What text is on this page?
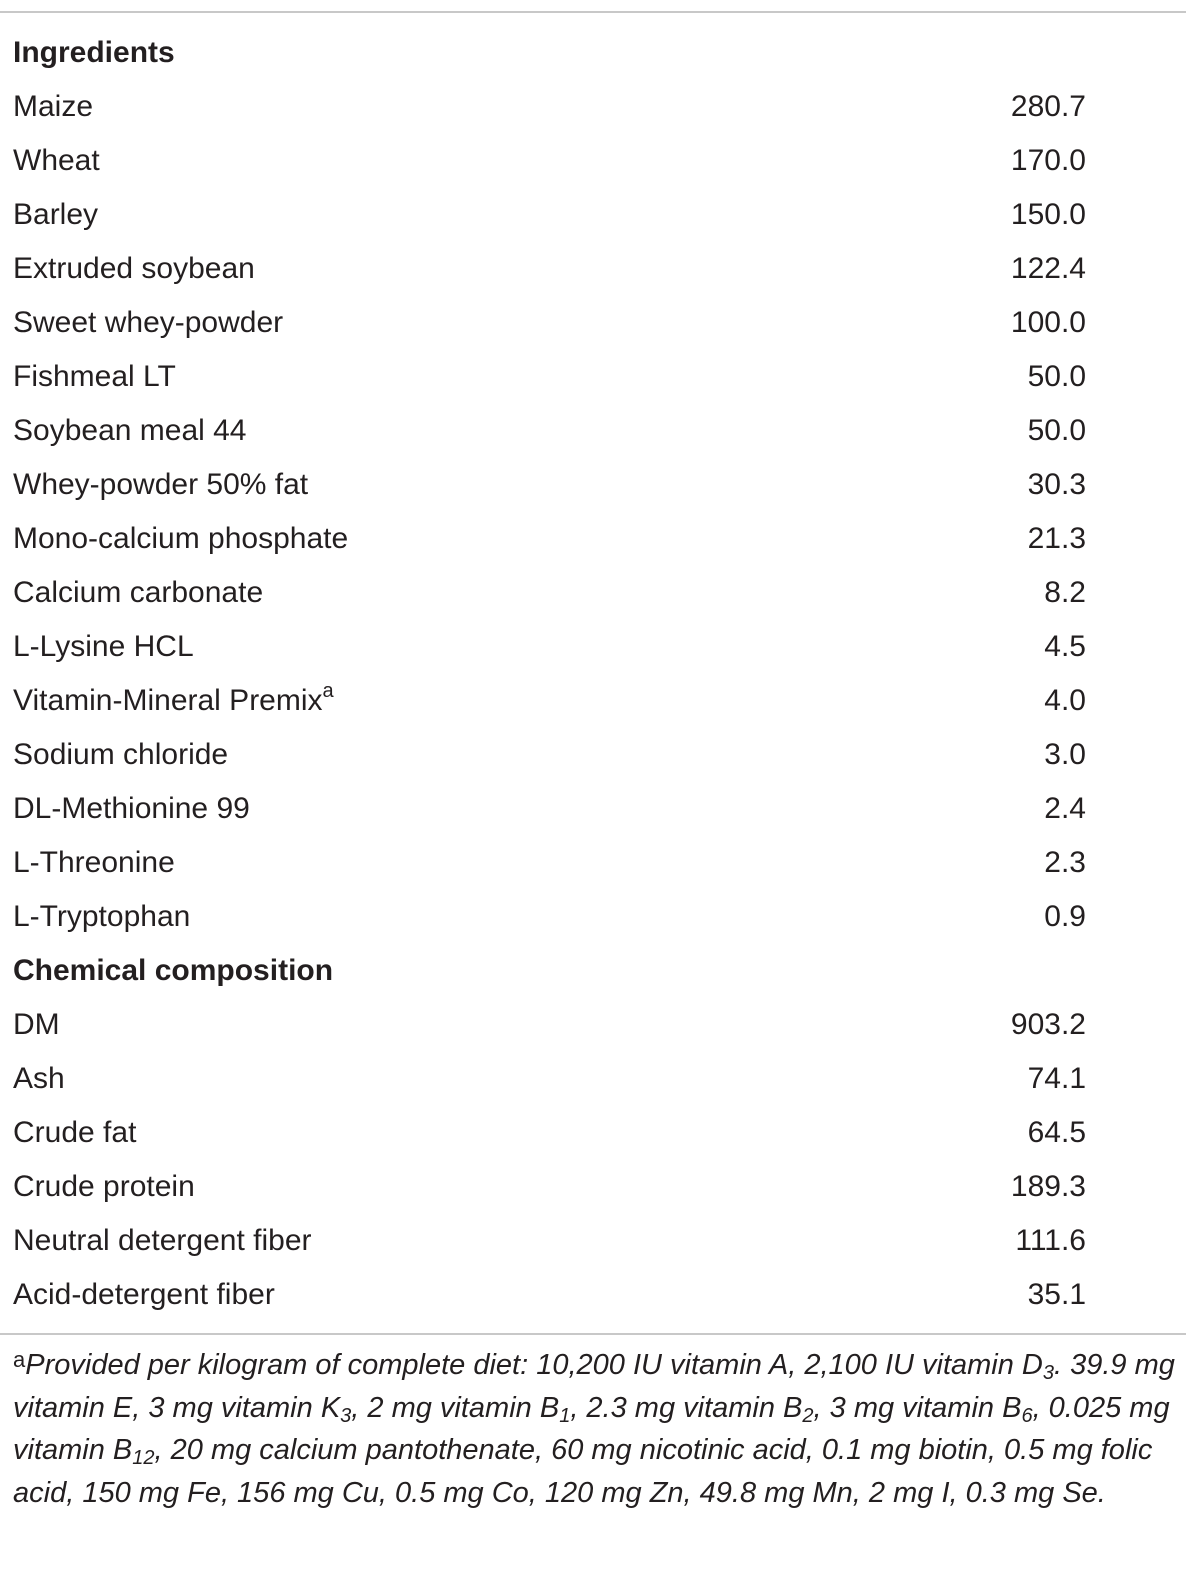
Ingredients
Maize	280.7
Wheat	170.0
Barley	150.0
Extruded soybean	122.4
Sweet whey-powder	100.0
Fishmeal LT	50.0
Soybean meal 44	50.0
Whey-powder 50% fat	30.3
Mono-calcium phosphate	21.3
Calcium carbonate	8.2
L-Lysine HCL	4.5
Vitamin-Mineral Premix$^a$	4.0
Sodium chloride	3.0
DL-Methionine 99	2.4
L-Threonine	2.3
L-Tryptophan	0.9
Chemical composition
DM	903.2
Ash	74.1
Crude fat	64.5
Crude protein	189.3
Neutral detergent fiber	111.6
Acid-detergent fiber	35.1
$^a$Provided per kilogram of complete diet: 10,200 IU vitamin A, 2,100 IU vitamin $D_3$. 39.9 mg vitamin E, 3 mg vitamin $K_3$, 2 mg vitamin $B_1$, 2.3 mg vitamin $B_2$, 3 mg vitamin $B_6$, 0.025 mg vitamin $B_{12}$, 20 mg calcium pantothenate, 60 mg nicotinic acid, 0.1 mg biotin, 0.5 mg folic acid, 150 mg Fe, 156 mg Cu, 0.5 mg Co, 120 mg Zn, 49.8 mg Mn, 2 mg I, 0.3 mg Se.
